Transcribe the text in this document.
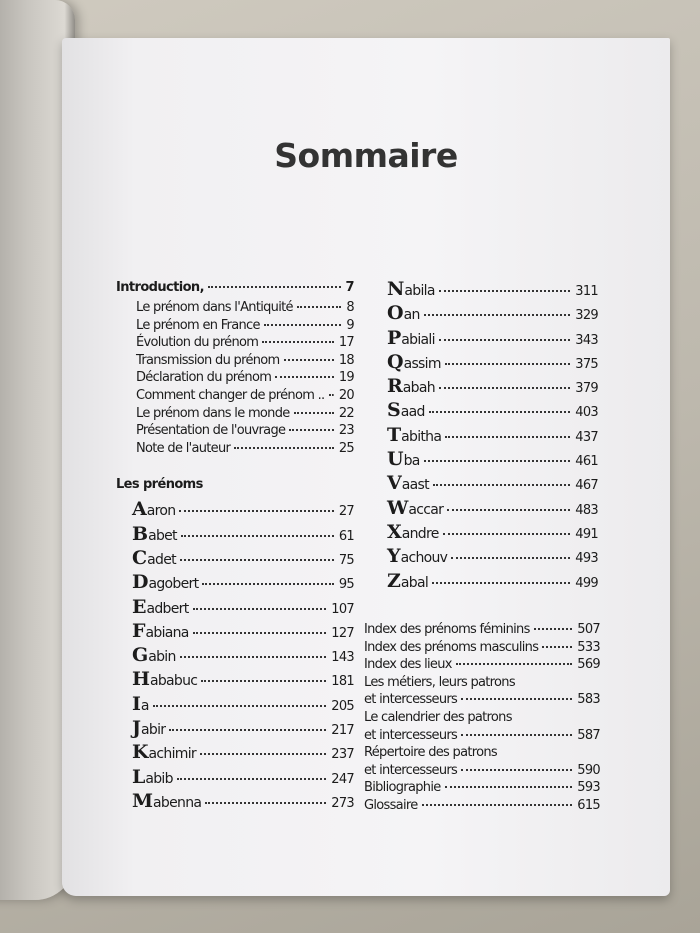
Sommaire
Introduction,	7
Le prénom dans l'Antiquité	8
Le prénom en France	9
Évolution du prénom	17
Transmission du prénom	18
Déclaration du prénom	19
Comment changer de prénom .. 20
Le prénom dans le monde	22
Présentation de l'ouvrage	23
Note de l'auteur	25
Les prénoms
Aaron	27
Babet	61
Cadet	75
Dagobert	95
Eadbert	107
Fabiana	127
Gabin	143
Hababuc	181
Ia	205
Jabir	217
Kachimir	237
Labib	247
Mabenna	273
Nabila	311
Oan	329
Pabiali	343
Qassim	375
Rabah	379
Saad	403
Tabitha	437
Uba	461
Vaast	467
Waccar	483
Xandre	491
Yachouv	493
Zabal	499
Index des prénoms féminins	507
Index des prénoms masculins	533
Index des lieux	569
Les métiers, leurs patrons
et intercesseurs	583
Le calendrier des patrons
et intercesseurs	587
Répertoire des patrons
et intercesseurs	590
Bibliographie	593
Glossaire	615
